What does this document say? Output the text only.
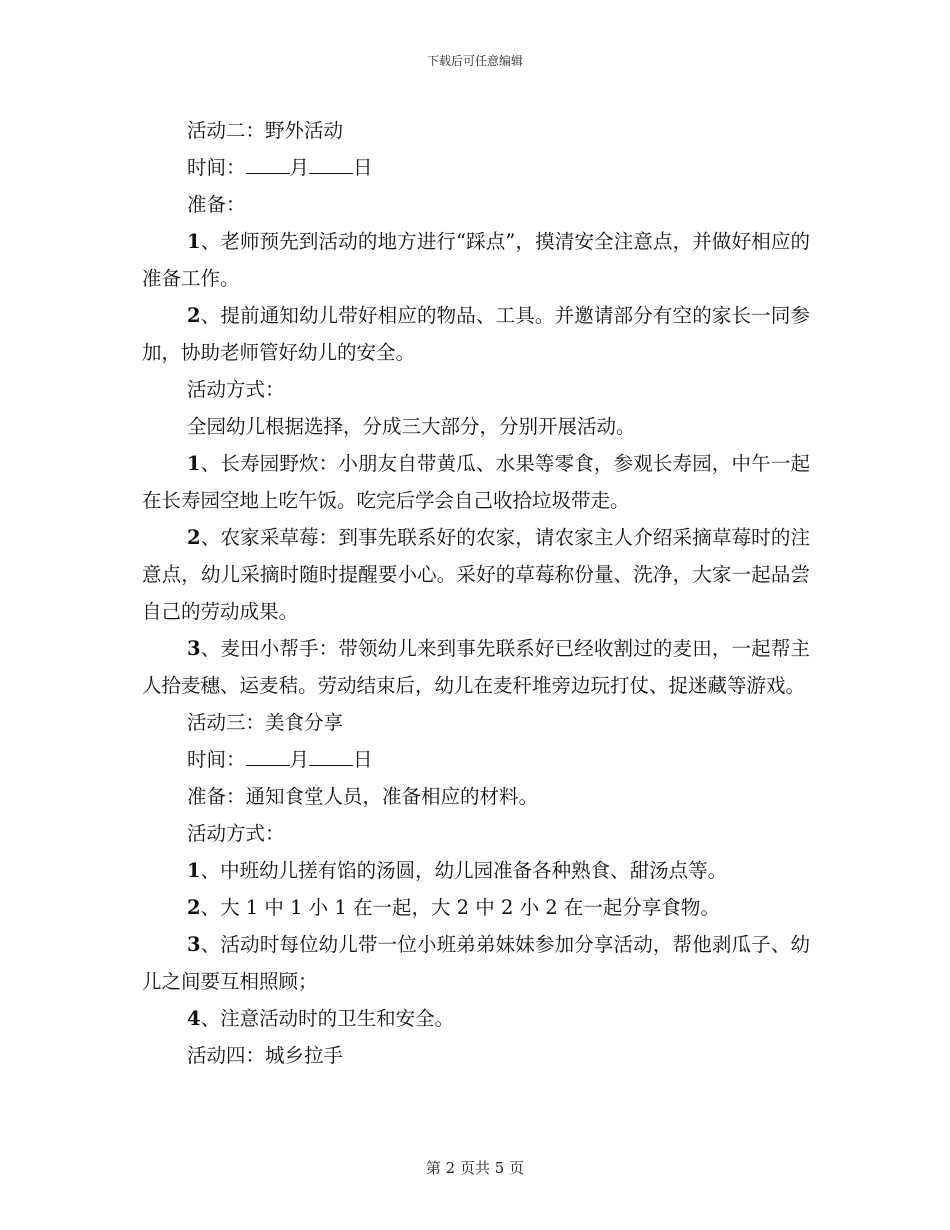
下载后可任意编辑

活动二：野外活动

时间： 月 日

准备：

1、老师预先到活动的地方进行“踩点”，摸清安全注意点，并做好相应的准备工作。

2、提前通知幼儿带好相应的物品、工具。并邀请部分有空的家长一同参加，协助老师管好幼儿的安全。

活动方式：

全园幼儿根据选择，分成三大部分，分别开展活动。

1、长寿园野炊：小朋友自带黄瓜、水果等零食，参观长寿园，中午一起在长寿园空地上吃午饭。吃完后学会自己收拾垃圾带走。

2、农家采草莓：到事先联系好的农家，请农家主人介绍采摘草莓时的注意点，幼儿采摘时随时提醒要小心。采好的草莓称份量、洗净，大家一起品尝自己的劳动成果。

3、麦田小帮手：带领幼儿来到事先联系好已经收割过的麦田，一起帮主人拾麦穗、运麦秸。劳动结束后，幼儿在麦秆堆旁边玩打仗、捉迷藏等游戏。

活动三：美食分享

时间： 月 日

准备：通知食堂人员，准备相应的材料。

活动方式：

1、中班幼儿搓有馅的汤圆，幼儿园准备各种熟食、甜汤点等。

2、大 1 中 1 小 1 在一起，大 2 中 2 小 2 在一起分享食物。

3、活动时每位幼儿带一位小班弟弟妹妹参加分享活动，帮他剥瓜子、幼儿之间要互相照顾；

4、注意活动时的卫生和安全。

活动四：城乡拉手

第 2 页共 5 页
